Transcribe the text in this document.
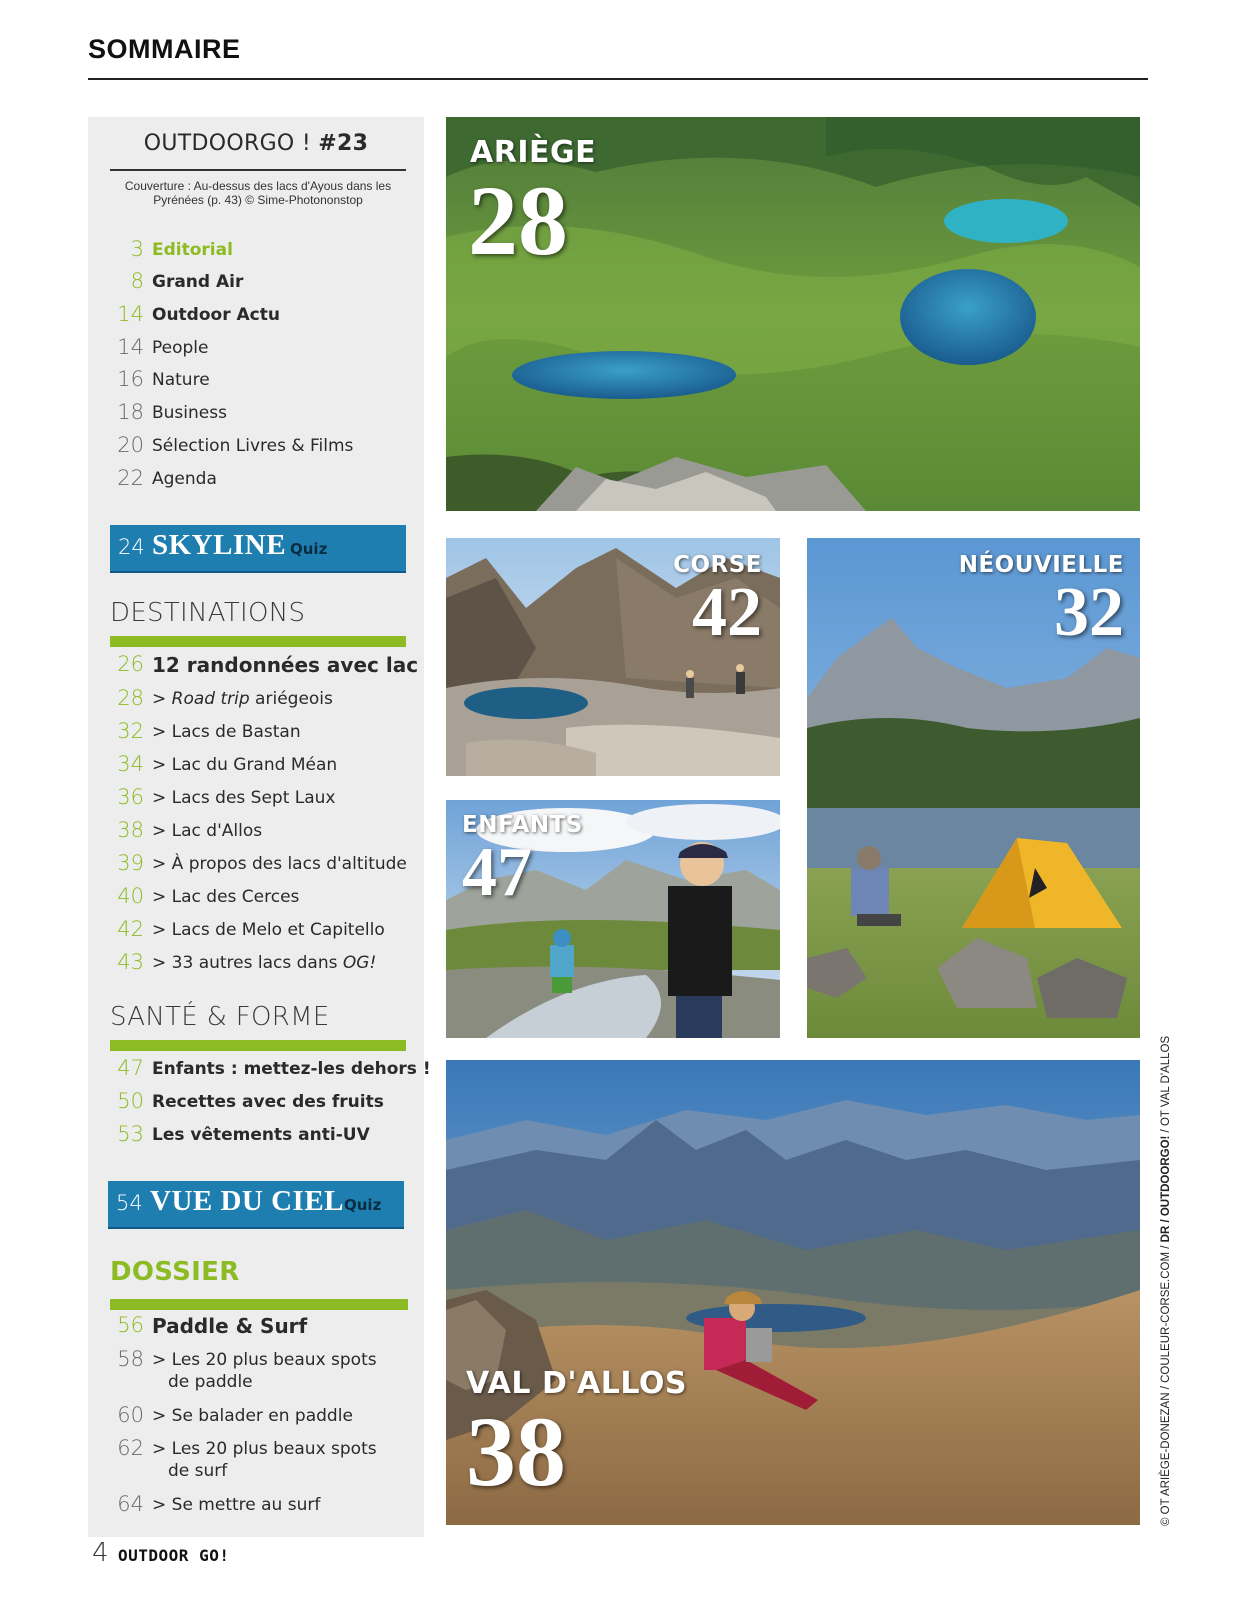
SOMMAIRE
OUTDOORGO ! #23
Couverture : Au-dessus des lacs d'Ayous dans les Pyrénées (p. 43) © Sime-Photononstop
3 Editorial
8 Grand Air
14 Outdoor Actu
14 People
16 Nature
18 Business
20 Sélection Livres & Films
22 Agenda
24 SKYLINE Quiz
DESTINATIONS
26 12 randonnées avec lac
28 > Road trip ariégeois
32 > Lacs de Bastan
34 > Lac du Grand Méan
36 > Lacs des Sept Laux
38 > Lac d'Allos
39 > À propos des lacs d'altitude
40 > Lac des Cerces
42 > Lacs de Melo et Capitello
43 > 33 autres lacs dans OG!
SANTÉ & FORME
47 Enfants : mettez-les dehors !
50 Recettes avec des fruits
53 Les vêtements anti-UV
54 VUE DU CIEL Quiz
DOSSIER
56 Paddle & Surf
58 > Les 20 plus beaux spots
de paddle
60 > Se balader en paddle
62 > Les 20 plus beaux spots
de surf
64 > Se mettre au surf
ARIÈGE
28
CORSE
42
NÉOUVIELLE
32
ENFANTS
47
VAL D'ALLOS
38	© OT ARIÈGE-DONEZAN / COULEUR-CORSE.COM / DR / OUTDOORGO! / OT VAL D'ALLOS
4 OUTDOOR GO!
